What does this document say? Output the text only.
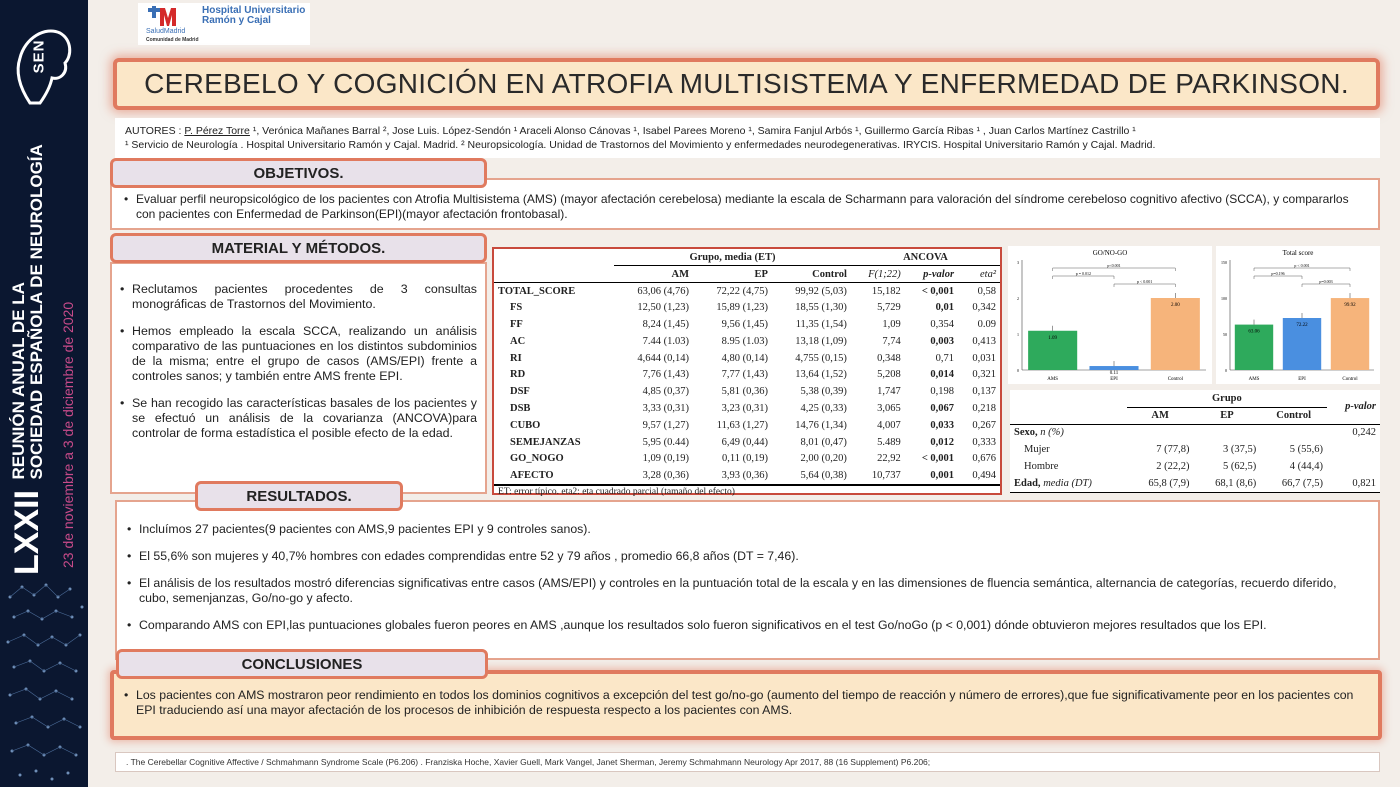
SEN
LXXII
REUNIÓN ANUAL DE LA SOCIEDAD ESPAÑOLA DE NEUROLOGÍA 23 de noviembre a 3 de diciembre de 2020
Hospital Universitario
Ramón y Cajal
SaludMadrid
Comunidad de Madrid
CEREBELO Y COGNICIÓN EN ATROFIA MULTISISTEMA Y ENFERMEDAD DE PARKINSON.
AUTORES : P. Pérez Torre ¹, Verónica Mañanes Barral ², Jose Luis. López-Sendón ¹ Araceli Alonso Cánovas ¹, Isabel Parees Moreno ¹, Samira Fanjul Arbós ¹, Guillermo García Ribas ¹ , Juan Carlos Martínez Castrillo ¹
¹ Servicio de Neurología . Hospital Universitario Ramón y Cajal. Madrid. ² Neuropsicología. Unidad de Trastornos del Movimiento y enfermedades neurodegenerativas. IRYCIS. Hospital Universitario Ramón y Cajal. Madrid.
• Evaluar perfil neuropsicológico de los pacientes con Atrofia Multisistema (AMS) (mayor afectación cerebelosa) mediante la escala de Scharmann para valoración del síndrome cerebeloso cognitivo afectivo (SCCA), y compararlos con pacientes con Enfermedad de Parkinson(EPI)(mayor afectación frontobasal).
OBJETIVOS.
• Reclutamos pacientes procedentes de 3 consultas monográficas de Trastornos del Movimiento.
• Hemos empleado la escala SCCA, realizando un análisis comparativo de las puntuaciones en los distintos subdominios de la misma; entre el grupo de casos (AMS/EPI) frente a controles sanos; y también entre AMS frente EPI.
• Se han recogido las características basales de los pacientes y se efectuó un análisis de la covarianza (ANCOVA)para controlar de forma estadística el posible efecto de la edad.
MATERIAL Y MÉTODOS.
	Grupo, media (ET)			ANCOVA		
	AM	EP	Control	F(1;22)	p-valor	eta²
TOTAL_SCORE	63,06 (4,76)	72,22 (4,75)	99,92 (5,03)	15,182	< 0,001	0,58
FS	12,50 (1,23)	15,89 (1,23)	18,55 (1,30)	5,729	0,01	0,342
FF	8,24 (1,45)	9,56 (1,45)	11,35 (1,54)	1,09	0,354	0.09
AC	7.44 (1.03)	8.95 (1.03)	13,18 (1,09)	7,74	0,003	0,413
RI	4,644 (0,14)	4,80 (0,14)	4,755 (0,15)	0,348	0,71	0,031
RD	7,76 (1,43)	7,77 (1,43)	13,64 (1,52)	5,208	0,014	0,321
DSF	4,85 (0,37)	5,81 (0,36)	5,38 (0,39)	1,747	0,198	0,137
DSB	3,33 (0,31)	3,23 (0,31)	4,25 (0,33)	3,065	0,067	0,218
CUBO	9,57 (1,27)	11,63 (1,27)	14,76 (1,34)	4,007	0,033	0,267
SEMEJANZAS	5,95 (0.44)	6,49 (0,44)	8,01 (0,47)	5.489	0,012	0,333
GO_NOGO	1,09 (0,19)	0,11 (0,19)	2,00 (0,20)	22,92	< 0,001	0,676
AFECTO	3,28 (0,36)	3,93 (0,36)	5,64 (0,38)	10,737	0,001	0,494
ET: error típico. eta2: eta cuadrado parcial (tamaño del efecto)
GO/NO-GO
0
1
2
3
1.09
AMS
0.11
EPI
2.00
Control
p<0.001
p = 0.012
p < 0.001
Total score
0
50
100
150
63.06
AMS
72.22
EPI
99.92
Control
p < 0.001
p=0.196
p=0.003
	Grupo			p-valor
	AM	EP	Control	
Sexo, n (%)				0,242
Mujer	7 (77,8)	3 (37,5)	5 (55,6)	
Hombre	2 (22,2)	5 (62,5)	4 (44,4)	
Edad, media (DT)	65,8 (7,9)	68,1 (8,6)	66,7 (7,5)	0,821
• Incluímos 27 pacientes(9 pacientes con AMS,9 pacientes EPI y 9 controles sanos).
• El 55,6% son mujeres y 40,7% hombres con edades comprendidas entre 52 y 79 años , promedio 66,8 años (DT = 7,46).
• El análisis de los resultados mostró diferencias significativas entre casos (AMS/EPI) y controles en la puntuación total de la escala y en las dimensiones de fluencia semántica, alternancia de categorías, recuerdo diferido, cubo, semenjanzas, Go/no-go y afecto.
• Comparando AMS con EPI,las puntuaciones globales fueron peores en AMS ,aunque los resultados solo fueron significativos en el test Go/noGo (p < 0,001) dónde obtuvieron mejores resultados que los EPI.
RESULTADOS.
• Los pacientes con AMS mostraron peor rendimiento en todos los dominios cognitivos a excepción del test go/no-go (aumento del tiempo de reacción y número de errores),que fue significativamente peor en los pacientes con EPI traduciendo así una mayor afectación de los procesos de inhibición de respuesta respecto a los pacientes con AMS.
CONCLUSIONES
. The Cerebellar Cognitive Affective / Schmahmann Syndrome Scale (P6.206) . Franziska Hoche, Xavier Guell, Mark Vangel, Janet Sherman, Jeremy Schmahmann Neurology Apr 2017, 88 (16 Supplement) P6.206;
